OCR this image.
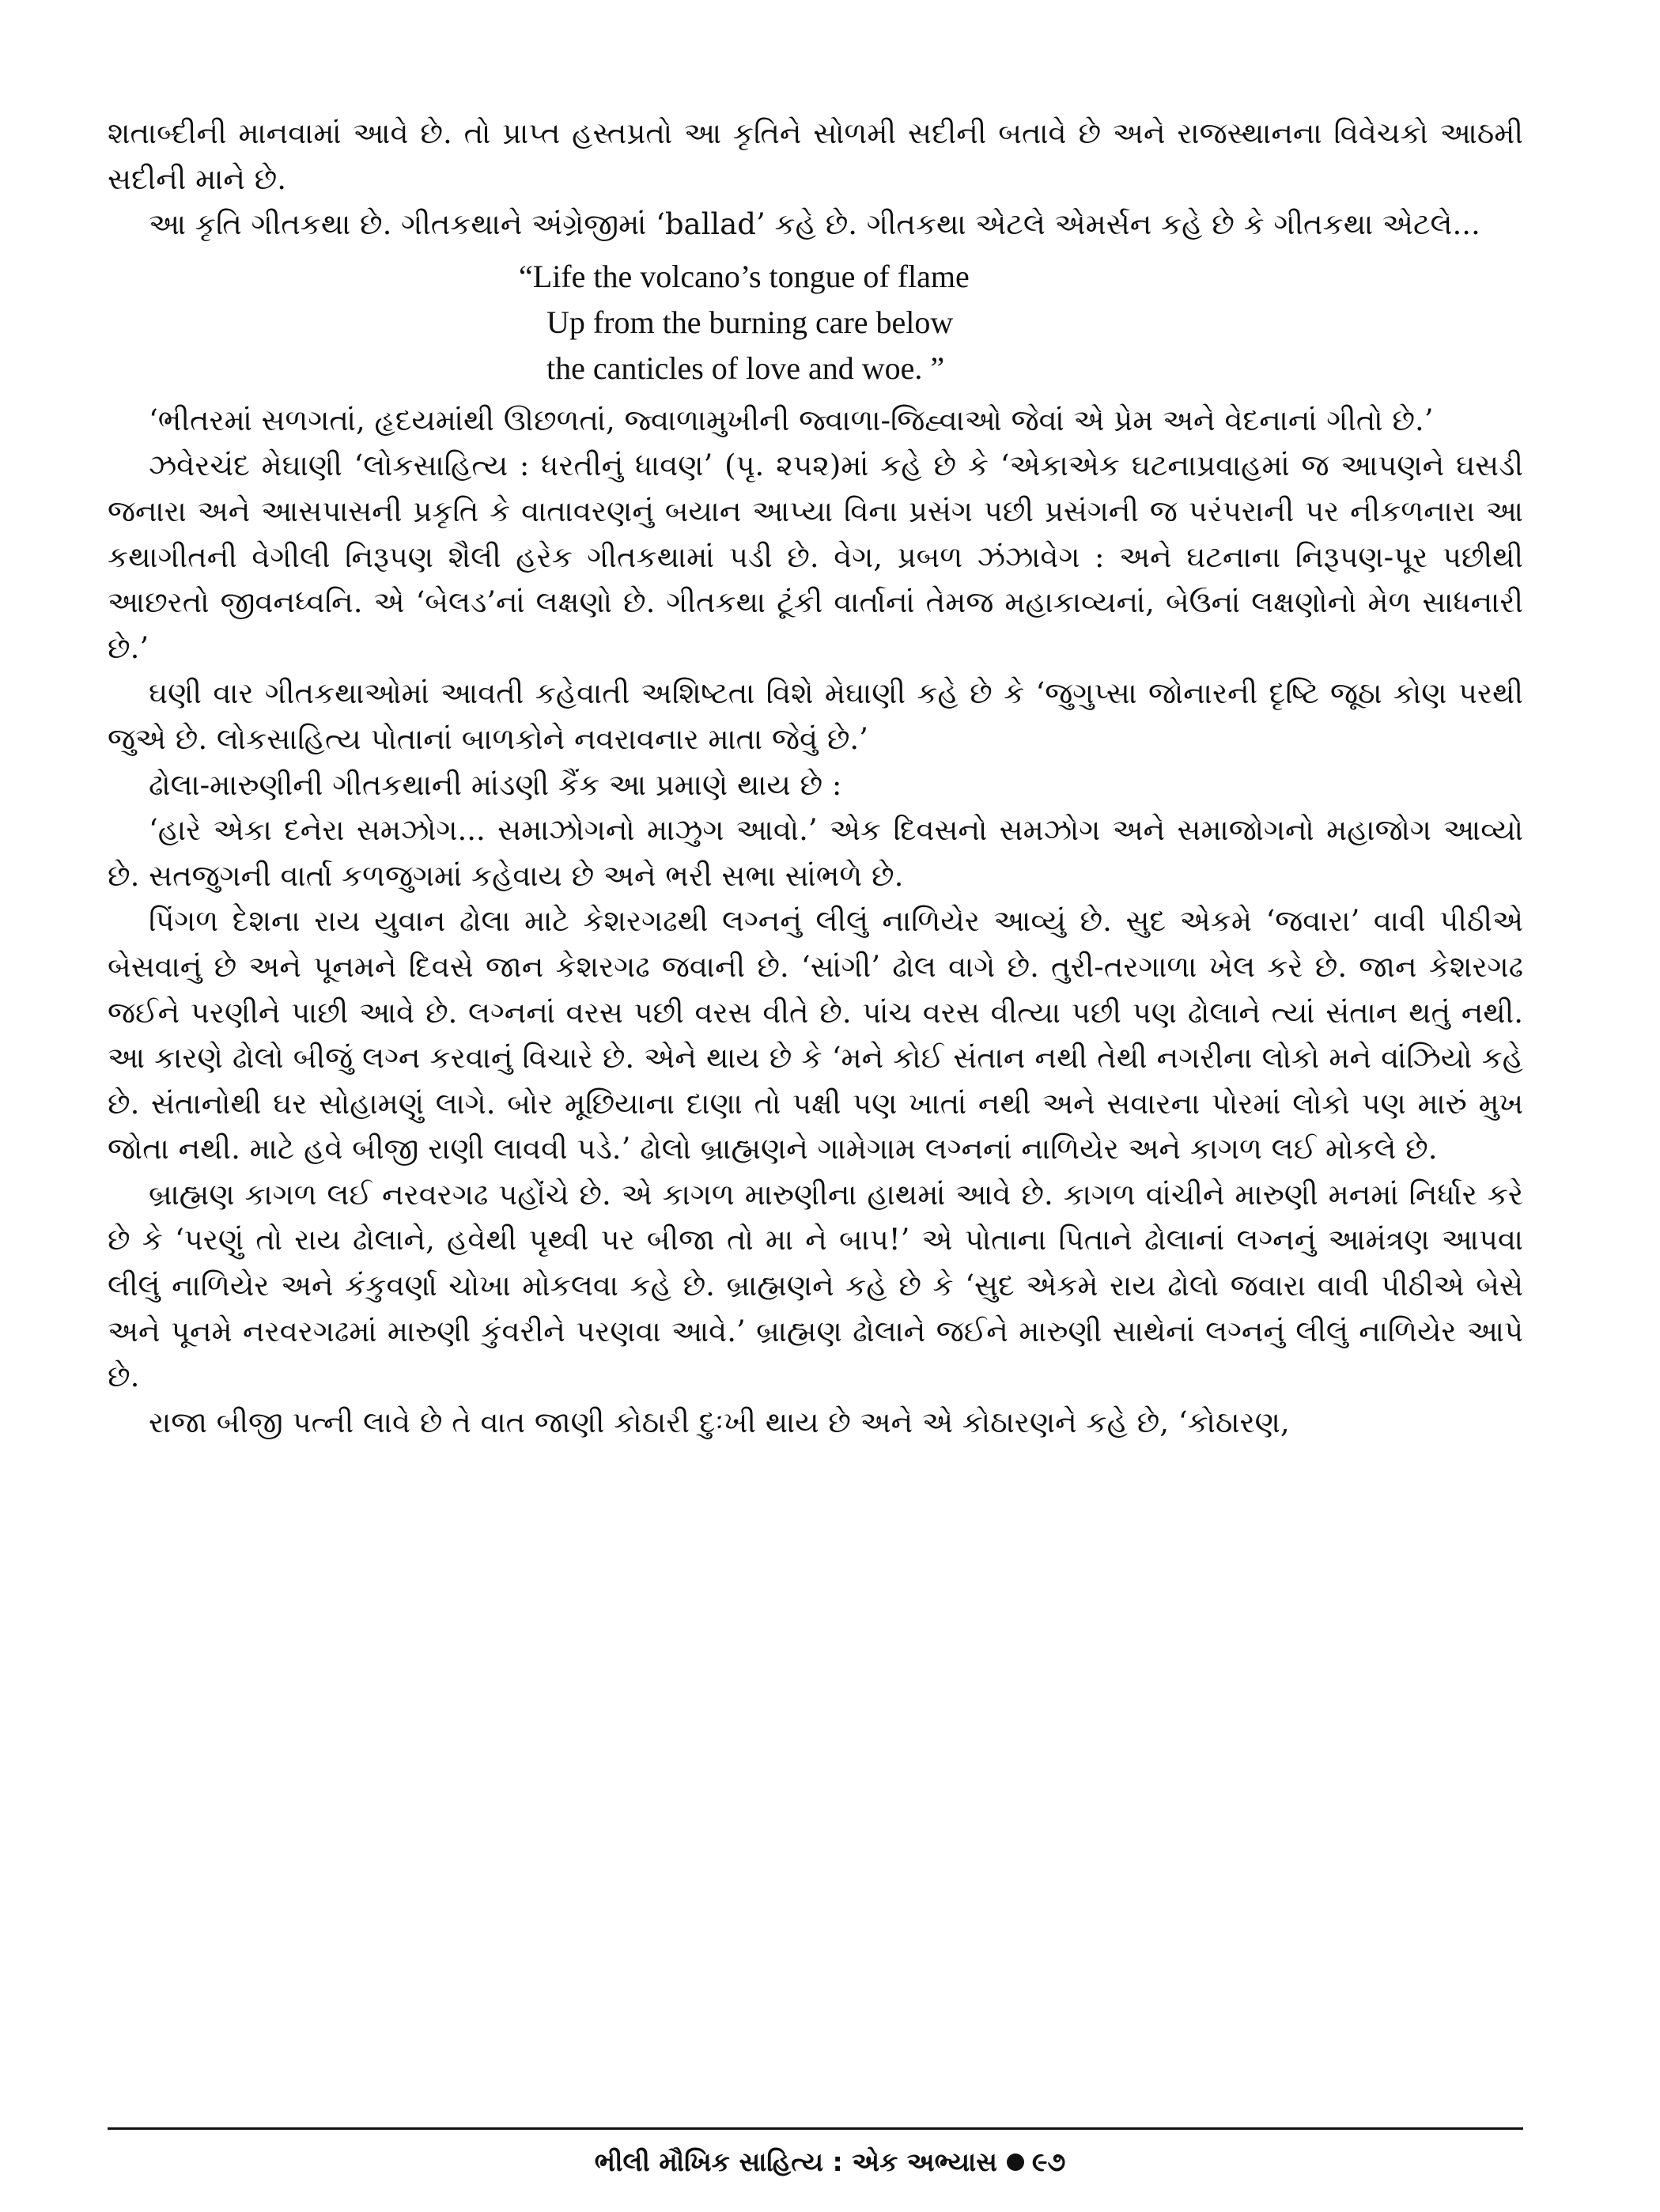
શતાબ્દીની માનવામાં આવે છે. તો પ્રાપ્ત હસ્તપ્રતો આ કૃતિને સોળમી સદીની બતાવે છે અને રાજસ્થાનના વિવેચકો આઠમી સદીની માને છે.

આ કૃતિ ગીતકથા છે. ગીતકથાને અંગ્રેજીમાં ‘ballad’ કહે છે. ગીતકથા એટલે એમર્સન કહે છે કે ગીતકથા એટલે...

“Life the volcano’s tongue of flame
Up from the burning care below
the canticles of love and woe. ”

‘ભીતરમાં સળગતાં, હૃદયમાંથી ઊછળતાં, જ્વાળામુખીની જ્વાળા-જિહ્વાઓ જેવાં એ પ્રેમ અને વેદનાનાં ગીતો છે.’

ઝવેરચંદ મેઘાણી ‘લોકસાહિત્ય : ધરતીનું ધાવણ’ (પૃ. ૨૫૨)માં કહે છે કે ‘એકાએક ઘટનાપ્રવાહમાં જ આપણને ઘસડી જનારા અને આસપાસની પ્રકૃતિ કે વાતાવરણનું બયાન આપ્યા વિના પ્રસંગ પછી પ્રસંગની જ પરંપરાની પર નીકળનારા આ કથાગીતની વેગીલી નિરૂપણ શૈલી હરેક ગીતકથામાં પડી છે. વેગ, પ્રબળ ઝંઝાવેગ : અને ઘટનાના નિરૂપણ-પૂર પછીથી આછરતો જીવનધ્વનિ. એ ‘બેલડ’નાં લક્ષણો છે. ગીતકથા ટૂંકી વાર્તાનાં તેમજ મહાકાવ્યનાં, બેઉનાં લક્ષણોનો મેળ સાધનારી છે.’

ઘણી વાર ગીતકથાઓમાં આવતી કહેવાતી અશિષ્ટતા વિશે મેઘાણી કહે છે કે ‘જુગુપ્સા જોનારની દૃષ્ટિ જૂઠા કોણ પરથી જુએ છે. લોકસાહિત્ય પોતાનાં બાળકોને નવરાવનાર માતા જેવું છે.’

ઢોલા-મારુણીની ગીતકથાની માંડણી કૈંક આ પ્રમાણે થાય છે :

‘હારે એકા દનેરા સમઝોગ... સમાઝોગનો માઝુગ આવો.’ એક દિવસનો સમઝોગ અને સમાજોગનો મહાજોગ આવ્યો છે. સતજુગની વાર્તા કળજુગમાં કહેવાય છે અને ભરી સભા સાંભળે છે.

પિંગળ દેશના રાય યુવાન ઢોલા માટે કેશરગઢથી લગ્નનું લીલું નાળિયેર આવ્યું છે. સુદ એકમે ‘જવારા’ વાવી પીઠીએ બેસવાનું છે અને પૂનમને દિવસે જાન કેશરગઢ જવાની છે. ‘સાંગી’ ઢોલ વાગે છે. તુરી-તરગાળા ખેલ કરે છે. જાન કેશરગઢ જઈને પરણીને પાછી આવે છે. લગ્નનાં વરસ પછી વરસ વીતે છે. પાંચ વરસ વીત્યા પછી પણ ઢોલાને ત્યાં સંતાન થતું નથી. આ કારણે ઢોલો બીજું લગ્ન કરવાનું વિચારે છે. એને થાય છે કે ‘મને કોઈ સંતાન નથી તેથી નગરીના લોકો મને વાંઝિયો કહે છે. સંતાનોથી ઘર સોહામણું લાગે. બોર મૂછિયાના દાણા તો પક્ષી પણ ખાતાં નથી અને સવારના પોરમાં લોકો પણ મારું મુખ જોતા નથી. માટે હવે બીજી રાણી લાવવી પડે.’ ઢોલો બ્રાહ્મણને ગામેગામ લગ્નનાં નાળિયેર અને કાગળ લઈ મોકલે છે.

બ્રાહ્મણ કાગળ લઈ નરવરગઢ પહોંચે છે. એ કાગળ મારુણીના હાથમાં આવે છે. કાગળ વાંચીને મારુણી મનમાં નિર્ધાર કરે છે કે ‘પરણું તો રાય ઢોલાને, હવેથી પૃથ્વી પર બીજા તો મા ને બાપ!’ એ પોતાના પિતાને ઢોલાનાં લગ્નનું આમંત્રણ આપવા લીલું નાળિયેર અને કંકુવર્ણા ચોખા મોકલવા કહે છે. બ્રાહ્મણને કહે છે કે ‘સુદ એકમે રાય ઢોલો જવારા વાવી પીઠીએ બેસે અને પૂનમે નરવરગઢમાં મારુણી કુંવરીને પરણવા આવે.’ બ્રાહ્મણ ઢોલાને જઈને મારુણી સાથેનાં લગ્નનું લીલું નાળિયેર આપે છે.

રાજા બીજી પત્ની લાવે છે તે વાત જાણી કોઠારી દુઃખી થાય છે અને એ કોઠારણને કહે છે, ‘કોઠારણ,

ભીલી મૌખિક સાહિત્ય : એક અભ્યાસ ૯૭
